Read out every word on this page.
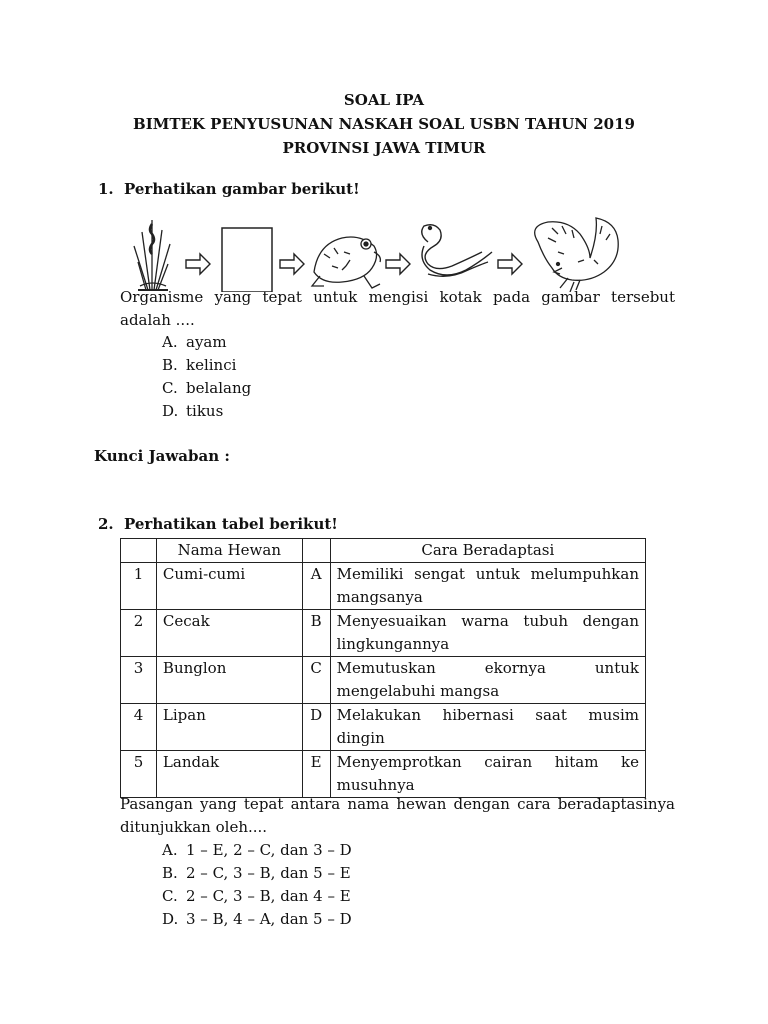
SOAL IPA
BIMTEK PENYUSUNAN NASKAH SOAL USBN TAHUN 2019
PROVINSI JAWA TIMUR
1. Perhatikan gambar berikut!
Organisme yang tepat untuk mengisi kotak pada gambar tersebut
adalah ....
A. ayam
B. kelinci
C. belalang
D. tikus
Kunci Jawaban :
2. Perhatikan tabel berikut!
	Nama Hewan		Cara Beradaptasi
1	Cumi-cumi	A	Memiliki sengat untuk melumpuhkan
mangsanya
2	Cecak	B	Menyesuaikan warna tubuh dengan
lingkungannya
3	Bunglon	C	Memutuskan ekornya untuk
mengelabuhi mangsa
4	Lipan	D	Melakukan hibernasi saat musim
dingin
5	Landak	E	Menyemprotkan cairan hitam ke
musuhnya
Pasangan yang tepat antara nama hewan dengan cara beradaptasinya
ditunjukkan oleh....
A. 1 – E, 2 – C, dan 3 – D
B. 2 – C, 3 – B, dan 5 – E
C. 2 – C, 3 – B, dan 4 – E
D. 3 – B, 4 – A, dan 5 – D
